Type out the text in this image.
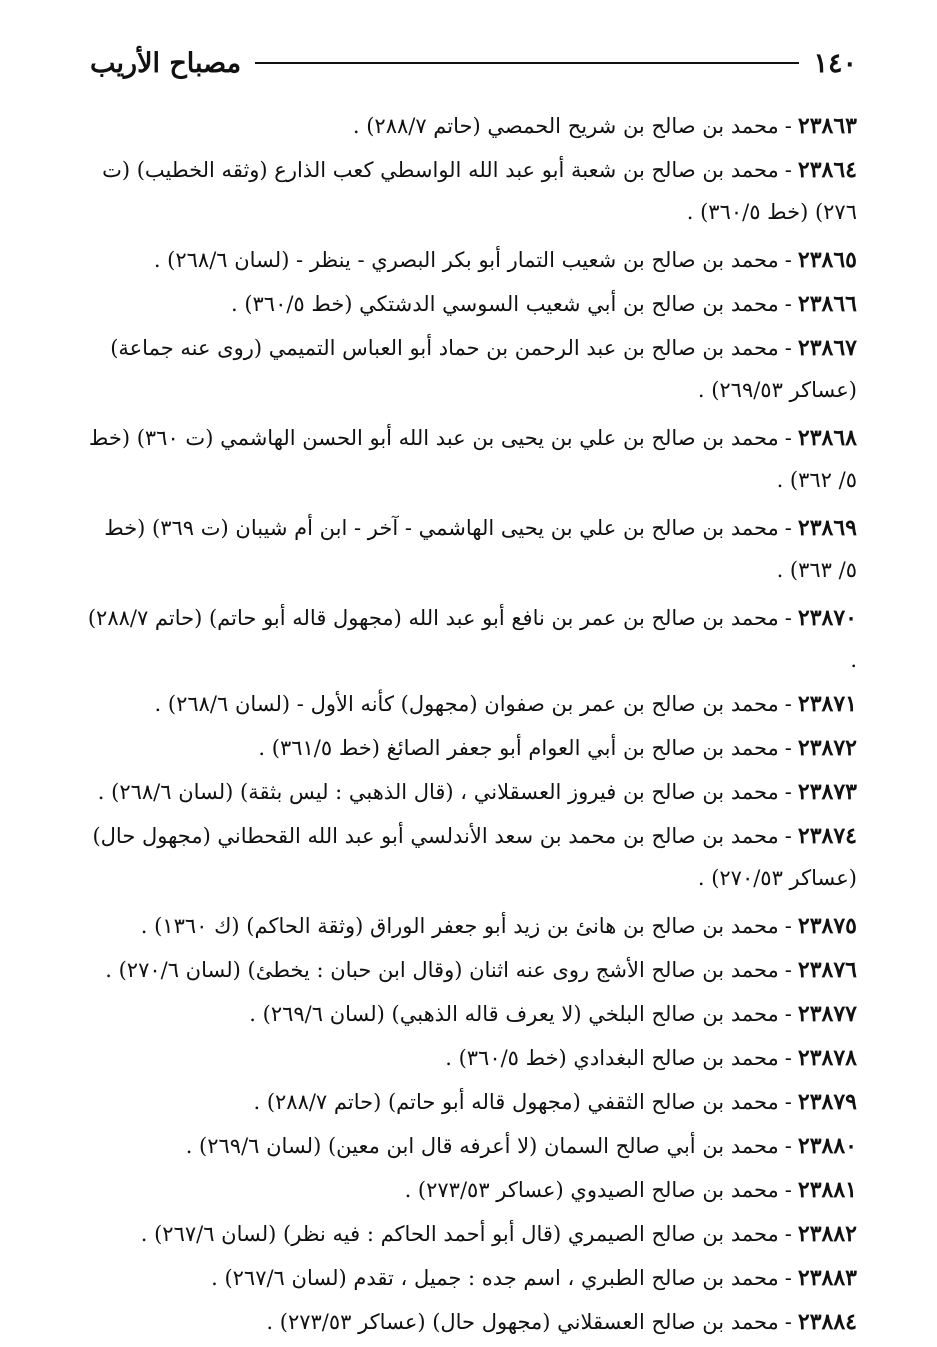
١٤٠
مصباح الأريب
٢٣٨٦٣-محمد بن صالح بن شريح الحمصي (حاتم ٢٨٨/٧) .
٢٣٨٦٤-محمد بن صالح بن شعبة أبو عبد الله الواسطي كعب الذارع (وثقه الخطيب) (ت ٢٧٦) (خط ٣٦٠/٥) .
٢٣٨٦٥-محمد بن صالح بن شعيب التمار أبو بكر البصري - ينظر - (لسان ٢٦٨/٦) .
٢٣٨٦٦-محمد بن صالح بن أبي شعيب السوسي الدشتكي (خط ٣٦٠/٥) .
٢٣٨٦٧-محمد بن صالح بن عبد الرحمن بن حماد أبو العباس التميمي (روى عنه جماعة) (عساكر ٢٦٩/٥٣) .
٢٣٨٦٨-محمد بن صالح بن علي بن يحيى بن عبد الله أبو الحسن الهاشمي (ت ٣٦٠) (خط ٥/ ٣٦٢) .
٢٣٨٦٩-محمد بن صالح بن علي بن يحيى الهاشمي - آخر - ابن أم شيبان (ت ٣٦٩) (خط ٥/ ٣٦٣) .
٢٣٨٧٠-محمد بن صالح بن عمر بن نافع أبو عبد الله (مجهول قاله أبو حاتم) (حاتم ٢٨٨/٧) .
٢٣٨٧١-محمد بن صالح بن عمر بن صفوان (مجهول) كأنه الأول - (لسان ٢٦٨/٦) .
٢٣٨٧٢-محمد بن صالح بن أبي العوام أبو جعفر الصائغ (خط ٣٦١/٥) .
٢٣٨٧٣-محمد بن صالح بن فيروز العسقلاني ، (قال الذهبي : ليس بثقة) (لسان ٢٦٨/٦) .
٢٣٨٧٤-محمد بن صالح بن محمد بن سعد الأندلسي أبو عبد الله القحطاني (مجهول حال) (عساكر ٢٧٠/٥٣) .
٢٣٨٧٥-محمد بن صالح بن هانئ بن زيد أبو جعفر الوراق (وثقة الحاكم) (ك ١٣٦٠) .
٢٣٨٧٦-محمد بن صالح الأشج روى عنه اثنان (وقال ابن حبان : يخطئ) (لسان ٢٧٠/٦) .
٢٣٨٧٧-محمد بن صالح البلخي (لا يعرف قاله الذهبي) (لسان ٢٦٩/٦) .
٢٣٨٧٨-محمد بن صالح البغدادي (خط ٣٦٠/٥) .
٢٣٨٧٩-محمد بن صالح الثقفي (مجهول قاله أبو حاتم) (حاتم ٢٨٨/٧) .
٢٣٨٨٠-محمد بن أبي صالح السمان (لا أعرفه قال ابن معين) (لسان ٢٦٩/٦) .
٢٣٨٨١-محمد بن صالح الصيدوي (عساكر ٢٧٣/٥٣) .
٢٣٨٨٢-محمد بن صالح الصيمري (قال أبو أحمد الحاكم : فيه نظر) (لسان ٢٦٧/٦) .
٢٣٨٨٣-محمد بن صالح الطبري ، اسم جده : جميل ، تقدم (لسان ٢٦٧/٦) .
٢٣٨٨٤-محمد بن صالح العسقلاني (مجهول حال) (عساكر ٢٧٣/٥٣) .
